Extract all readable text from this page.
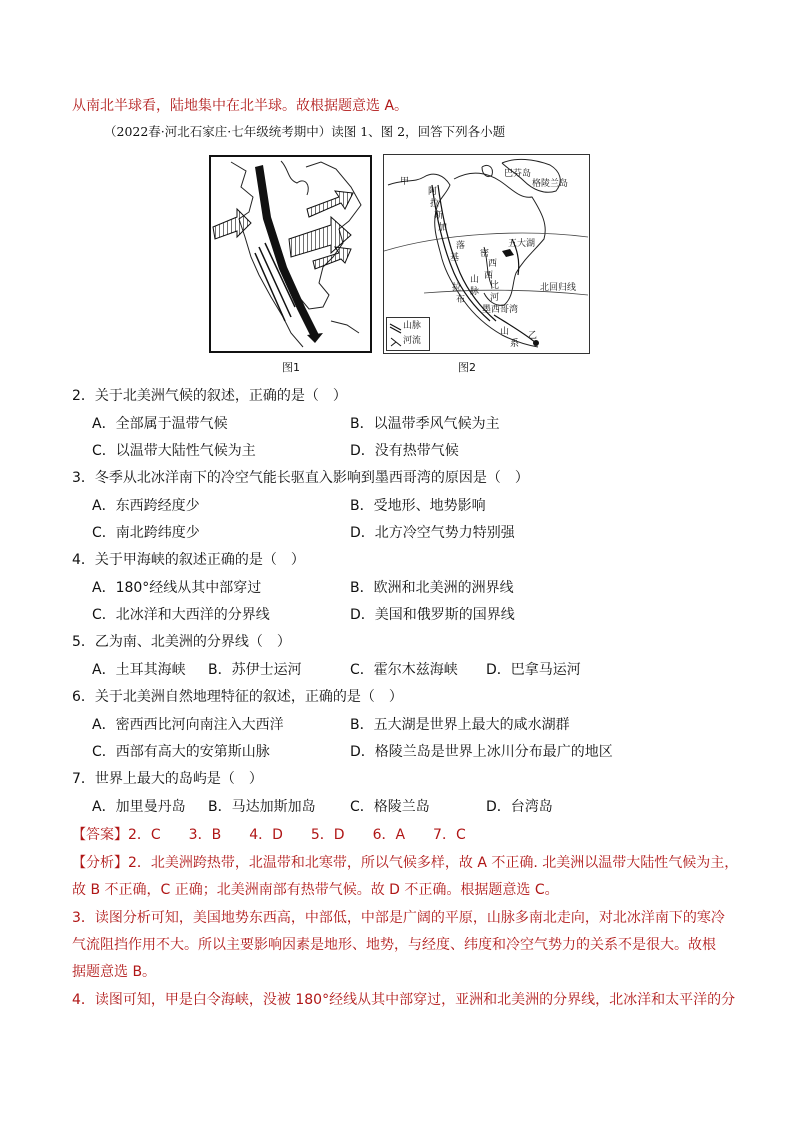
从南北半球看，陆地集中在北半球。故根据题意选 A。
（2022春·河北石家庄·七年级统考期中）读图 1、图 2，回答下列各小题
图1
甲
阿
拉
斯
加
巴芬岛
格陵兰岛
落
基 密
西
西
比
河
五大湖
拉
布
山
脉
墨西哥湾
北回归线
乙
山
系
山脉
河流
图2
2．关于北美洲气候的叙述，正确的是（　）
A．全部属于温带气候	B．以温带季风气候为主
C．以温带大陆性气候为主	D．没有热带气候
3．冬季从北冰洋南下的冷空气能长驱直入影响到墨西哥湾的原因是（　）
A．东西跨经度少	B．受地形、地势影响
C．南北跨纬度少	D．北方冷空气势力特别强
4．关于甲海峡的叙述正确的是（　）
A．180°经线从其中部穿过	B．欧洲和北美洲的洲界线
C．北冰洋和大西洋的分界线	D．美国和俄罗斯的国界线
5．乙为南、北美洲的分界线（　）
A．土耳其海峡 B．苏伊士运河	C．霍尔木兹海峡 D．巴拿马运河
6．关于北美洲自然地理特征的叙述，正确的是（　）
A．密西西比河向南注入大西洋	B．五大湖是世界上最大的咸水湖群
C．西部有高大的安第斯山脉	D．格陵兰岛是世界上冰川分布最广的地区
7．世界上最大的岛屿是（　）
A．加里曼丹岛 B．马达加斯加岛 C．格陵兰岛	D．台湾岛
【答案】2．C　　3．B　　4．D　　5．D　　6．A　　7．C
【分析】2．北美洲跨热带，北温带和北寒带，所以气候多样，故 A 不正确. 北美洲以温带大陆性气候为主，
故 B 不正确，C 正确；北美洲南部有热带气候。故 D 不正确。根据题意选 C。
3．读图分析可知，美国地势东西高，中部低，中部是广阔的平原，山脉多南北走向，对北冰洋南下的寒冷
气流阻挡作用不大。所以主要影响因素是地形、地势，与经度、纬度和冷空气势力的关系不是很大。故根
据题意选 B。
4．读图可知，甲是白令海峡，没被 180°经线从其中部穿过，亚洲和北美洲的分界线，北冰洋和太平洋的分
